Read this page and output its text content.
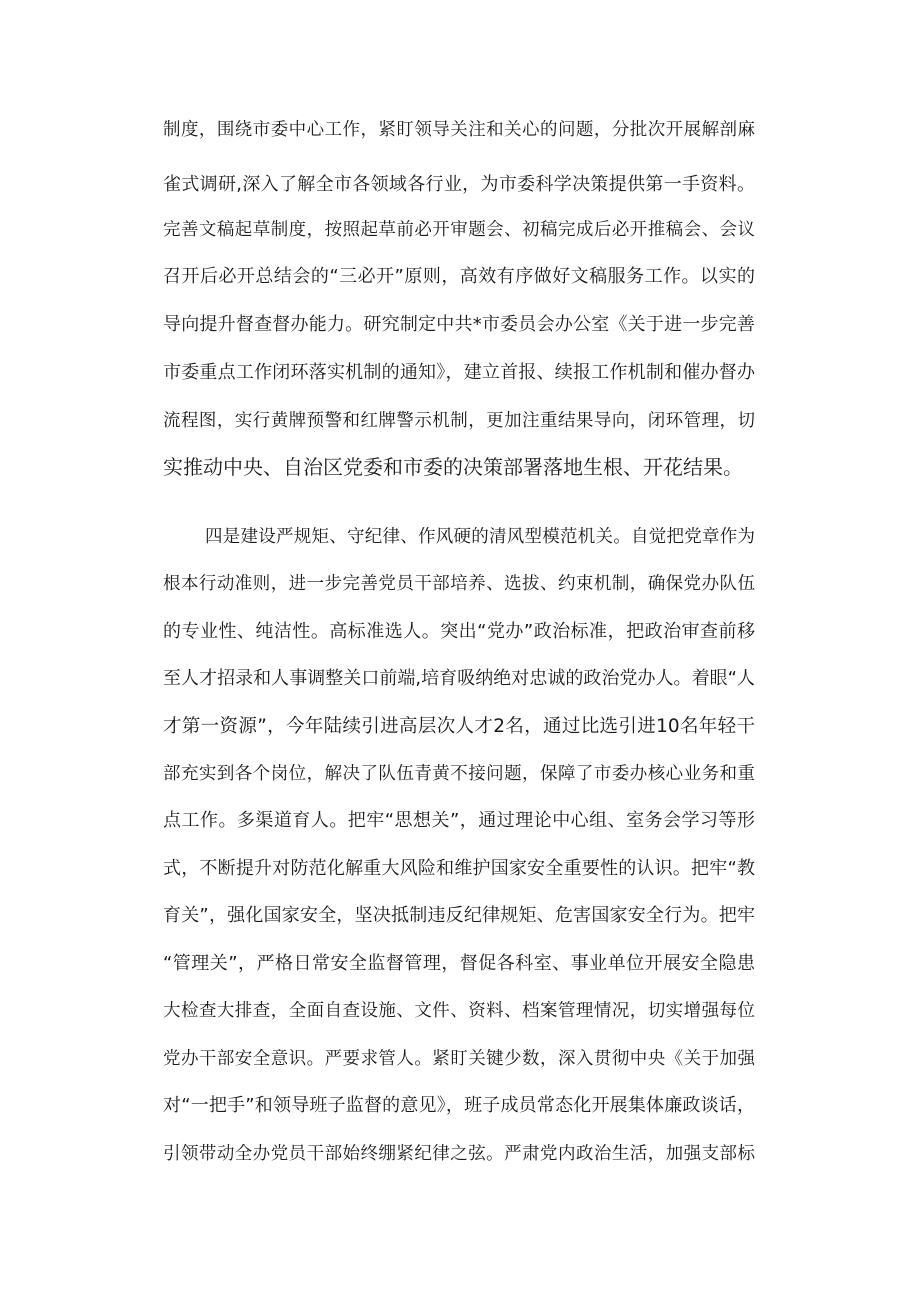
制度，围绕市委中心工作，紧盯领导关注和关心的问题，分批次开展解剖麻
雀式调研,深入了解全市各领域各行业，为市委科学决策提供第一手资料。
完善文稿起草制度，按照起草前必开审题会、初稿完成后必开推稿会、会议
召开后必开总结会的“三必开”原则，高效有序做好文稿服务工作。以实的
导向提升督查督办能力。研究制定中共*市委员会办公室《关于进一步完善
市委重点工作闭环落实机制的通知》，建立首报、续报工作机制和催办督办
流程图，实行黄牌预警和红牌警示机制，更加注重结果导向，闭环管理，切
实推动中央、自治区党委和市委的决策部署落地生根、开花结果。
四是建设严规矩、守纪律、作风硬的清风型模范机关。自觉把党章作为
根本行动准则，进一步完善党员干部培养、选拔、约束机制，确保党办队伍
的专业性、纯洁性。高标准选人。突出“党办”政治标准，把政治审查前移
至人才招录和人事调整关口前端,培育吸纳绝对忠诚的政治党办人。着眼“人
才第一资源”，今年陆续引进高层次人才2名，通过比选引进10名年轻干
部充实到各个岗位，解决了队伍青黄不接问题，保障了市委办核心业务和重
点工作。多渠道育人。把牢“思想关”，通过理论中心组、室务会学习等形
式，不断提升对防范化解重大风险和维护国家安全重要性的认识。把牢“教
育关”，强化国家安全，坚决抵制违反纪律规矩、危害国家安全行为。把牢
“管理关”，严格日常安全监督管理，督促各科室、事业单位开展安全隐患
大检查大排查，全面自查设施、文件、资料、档案管理情况，切实增强每位
党办干部安全意识。严要求管人。紧盯关键少数，深入贯彻中央《关于加强
对“一把手”和领导班子监督的意见》，班子成员常态化开展集体廉政谈话，
引领带动全办党员干部始终绷紧纪律之弦。严肃党内政治生活，加强支部标
